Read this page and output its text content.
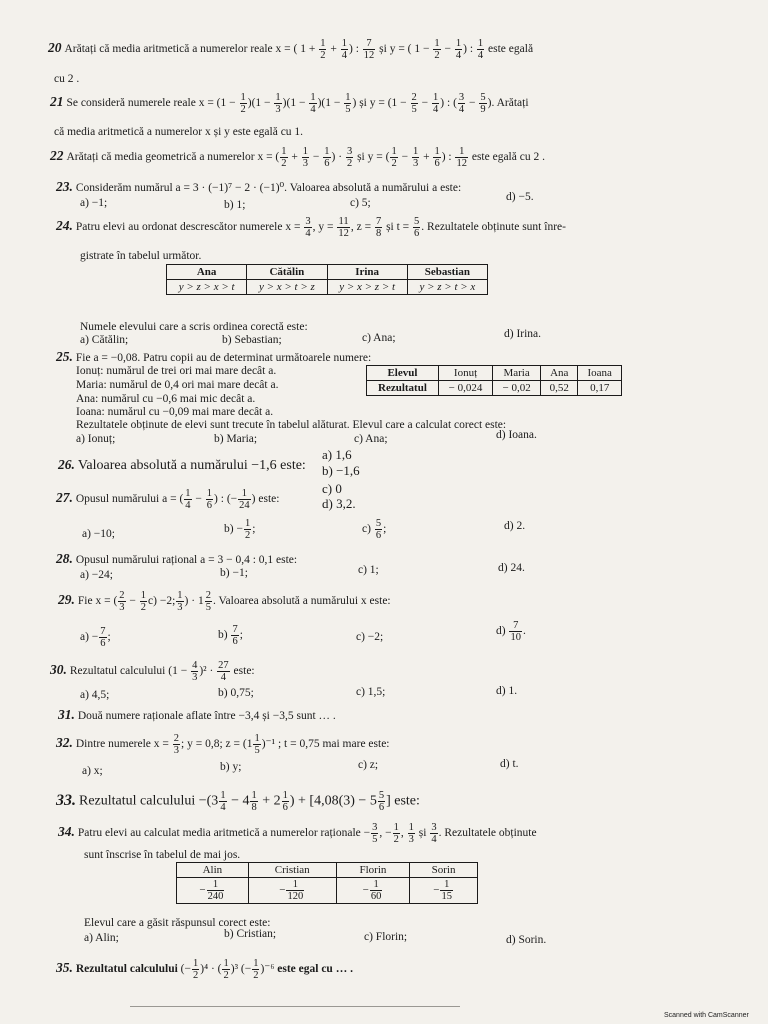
20 Arătați că media aritmetică a numerelor reale x = ( $1 + \frac{1}{2} + \frac{1}{4}$ ) : $\frac{7}{12}$ și y = ( $1 - \frac{1}{2} - \frac{1}{4}$ ) : $\frac{1}{4}$ este egală
cu 2 .
21 Se consideră numerele reale $x = (1 - \frac{1}{2} )(1 - \frac{1}{3} )(1 - \frac{1}{4} )(1 - \frac{1}{5}$ ) și $y = (1 - \frac{2}{5} - \frac{1}{4}$ ) : ( $\frac{3}{4} - \frac{5}{9}$ ). Arătați
că media aritmetică a numerelor x și y este egală cu 1.
22 Arătați că media geometrică a numerelor x = ( $\frac{1}{2} + \frac{1}{3} - \frac{1}{6}$ ) · $\frac{3}{2}$ și y = ( $\frac{1}{2} - \frac{1}{3} + \frac{1}{6}$ ) : $\frac{1}{12}$ este egală cu 2 .
23. Considerăm numărul a = 3 · (−1)⁷ − 2 · (−1)⁰. Valoarea absolută a numărului a este:
a) −1;	b) 1;	c) 5;	d) −5.
24. Patru elevi au ordonat descrescător numerele $x = \frac{3}{4}$ , $y = \frac{11}{12}$ , $z = \frac{7}{8}$ și $t = \frac{5}{6}$ . Rezultatele obținute sunt înre-
gistrate în tabelul următor.
Ana	Cătălin	Irina	Sebastian
y > z > x > t	y > x > t > z	y > x > z > t	y > z > t > x
Numele elevului care a scris ordinea corectă este:
a) Cătălin;	b) Sebastian;	c) Ana;	d) Irina.
25. Fie a = −0,08. Patru copii au de determinat următoarele numere:
Ionuț: numărul de trei ori mai mare decât a.
Maria: numărul de 0,4 ori mai mare decât a.
Ana: numărul cu −0,6 mai mic decât a.
Ioana: numărul cu −0,09 mai mare decât a.
Rezultatele obținute de elevi sunt trecute în tabelul alăturat. Elevul care a calculat corect este:
Elevul	Ionuț	Maria	Ana	Ioana
Rezultatul	− 0,024	− 0,02	0,52	0,17
a) Ionuț;	b) Maria;	c) Ana;	d) Ioana.
26. Valoarea absolută a numărului −1,6 este:
a) 1,6
b) −1,6
c) 0
d) 3,2.
27. Opusul numărului a = ( $\frac{1}{4} - \frac{1}{6}$ ) : (− $\frac{1}{24}$ ) este:
a) −10;	$b) - \frac{1}{2}$ ;	$c) \frac{5}{6}$ ;	d) 2.
28. Opusul numărului rațional a = 3 − 0,4 : 0,1 este:
a) −24;	b) −1;	c) 1;	d) 24.
29. Fie x = ( $\frac{2}{3} - \frac{1}{2} c) -2$; $\frac{1}{3}$ ) · $1 \frac{2}{5}$ . Valoarea absolută a numărului x este:
$a) - \frac{7}{6}$ ;	$b) \frac{7}{6}$ ;	c) −2;	$d) \frac{7}{10}$ .
30. Rezultatul calculului $(1 - \frac{4}{3} )^2 \cdot \frac{27}{4}$ este:
a) 4,5;	b) 0,75;	c) 1,5;	d) 1.
31. Două numere raționale aflate între −3,4 și −3,5 sunt … .
32. Dintre numerele $x = \frac{2}{3}$ ; y = 0,8; $z = (1 \frac{1}{5} )^{-1}$ ; t = 0,75 mai mare este:
a) x;	b) y;	c) z;	d) t.
33. Rezultatul calculului $-(3 \frac{1}{4} - 4 \frac{1}{8} + 2 \frac{1}{6}$ ) + [$4,08(3) - 5 \frac{5}{6}$ ] este:
34. Patru elevi au calculat media aritmetică a numerelor raționale − $\frac{3}{5}$ , − $\frac{1}{2}$ , $\frac{1}{3}$ și $\frac{3}{4}$ . Rezultatele obținute
sunt înscrise în tabelul de mai jos.
Alin	Cristian	Florin	Sorin
− $\frac{1}{240}$	− $\frac{1}{120}$	− $\frac{1}{60}$	− $\frac{1}{15}$
Elevul care a găsit răspunsul corect este:
a) Alin;	b) Cristian;	c) Florin;	d) Sorin.
35. Rezultatul calculului (− $\frac{1}{2} )^4$ · ( $\frac{1}{2} )^3$ (− $\frac{1}{2} )^{-6}$ este egal cu … .
Scanned with CamScanner
